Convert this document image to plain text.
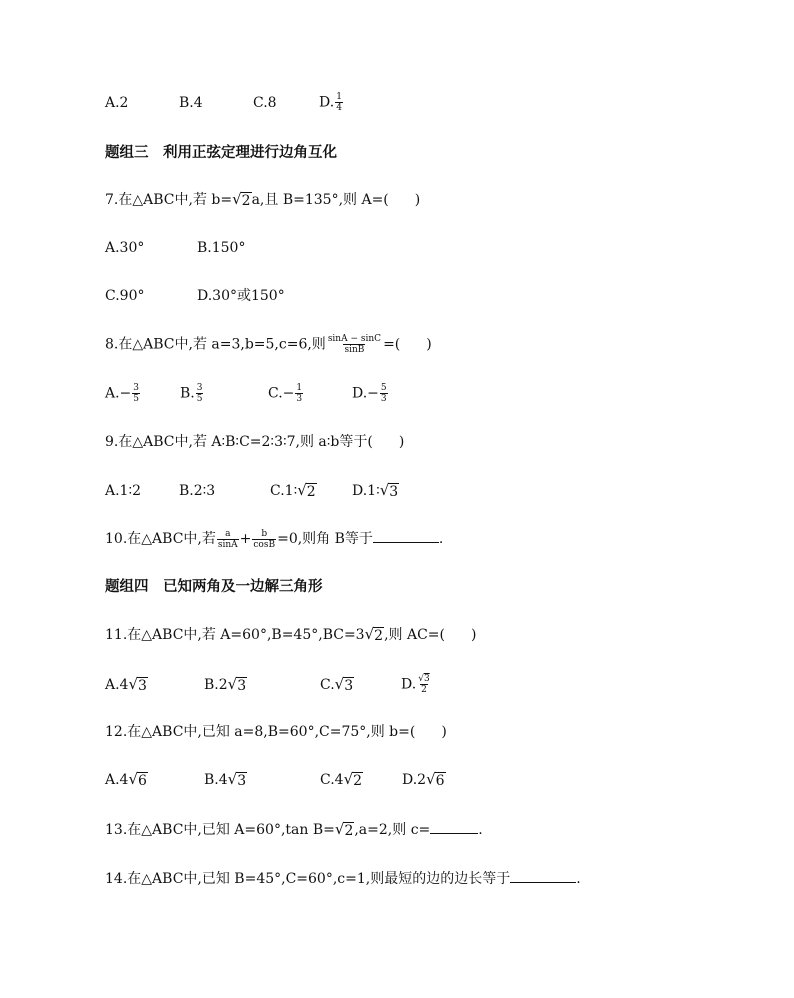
A.2	B.4	C.8	D. $\frac{1}{4}$
题组三　利用正弦定理进行边角互化
7.在△ABC中,若 b= √ 2 a,且 B=135°,则 A=( )
A.30°	B.150°
C.90°	D.30°或150°
8.在△ABC中,若 a=3,b=5,c=6,则 $\frac{\sin A - \sin C}{\sin B}$ =( )
$A.- \frac{3}{5}$	B. $\frac{3}{5}$	$C.- \frac{1}{3}$	$D.- \frac{5}{3}$
9.在△ABC中,若 A∶B∶C=2∶3∶7,则 a∶b等于( )
A.1∶2	B.2∶3	C.1∶ √ 2	D.1∶ √ 3
10.在△ABC中,若 $\frac{a}{\sin A} + \frac{b}{\cos B} =0$,则角 B等于	.
题组四　已知两角及一边解三角形
11.在△ABC中,若 A=60°,B=45°,BC=3 √ 2 ,则 AC=( )
A.4 √ 3	B.2 √ 3	C. √ 3	D. $\frac{√3}{2}$
12.在△ABC中,已知 a=8,B=60°,C=75°,则 b=( )
A.4 √ 6	B.4 √ 3	C.4 √ 2	D.2 √ 6
13.在△ABC中,已知 A=60°,tan B= √ 2 ,a=2,则 c=	.
14.在△ABC中,已知 B=45°,C=60°,c=1,则最短的边的边长等于	.
